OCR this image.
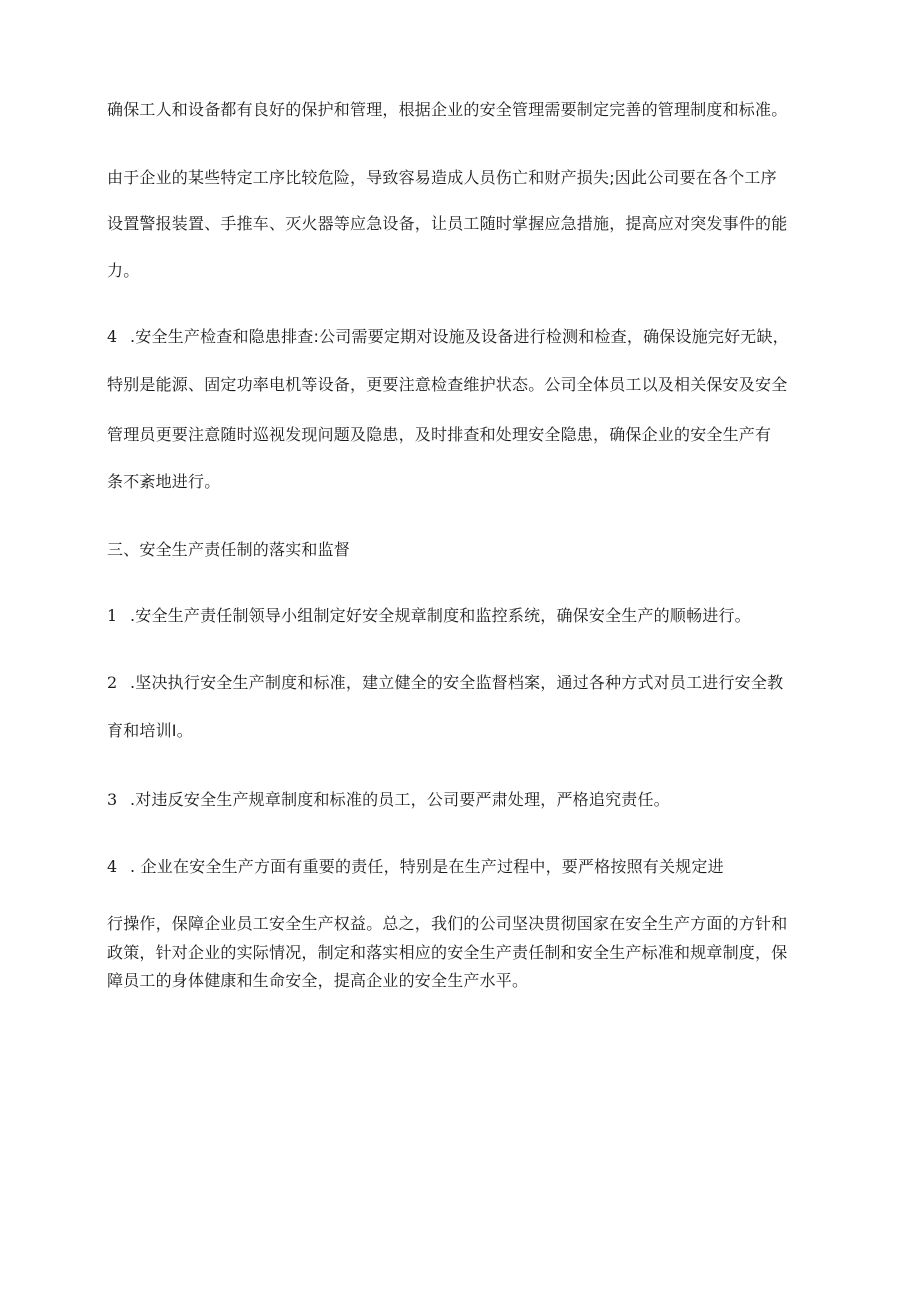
确保工人和设备都有良好的保护和管理，根据企业的安全管理需要制定完善的管理制度和标准。
由于企业的某些特定工序比较危险，导致容易造成人员伤亡和财产损失;因此公司要在各个工序
设置警报装置、手推车、灭火器等应急设备，让员工随时掌握应急措施，提高应对突发事件的能
力。
4 .安全生产检查和隐患排查:公司需要定期对设施及设备进行检测和检查，确保设施完好无缺，
特别是能源、固定功率电机等设备，更要注意检查维护状态。公司全体员工以及相关保安及安全
管理员更要注意随时巡视发现问题及隐患，及时排查和处理安全隐患，确保企业的安全生产有
条不紊地进行。
三、安全生产责任制的落实和监督
1 .安全生产责任制领导小组制定好安全规章制度和监控系统，确保安全生产的顺畅进行。
2 .坚决执行安全生产制度和标准，建立健全的安全监督档案，通过各种方式对员工进行安全教
育和培训I。
3 .对违反安全生产规章制度和标准的员工，公司要严肃处理，严格追究责任。
4 . 企业在安全生产方面有重要的责任，特别是在生产过程中，要严格按照有关规定进
行操作，保障企业员工安全生产权益。总之，我们的公司坚决贯彻国家在安全生产方面的方针和
政策，针对企业的实际情况，制定和落实相应的安全生产责任制和安全生产标准和规章制度，保
障员工的身体健康和生命安全，提高企业的安全生产水平。
